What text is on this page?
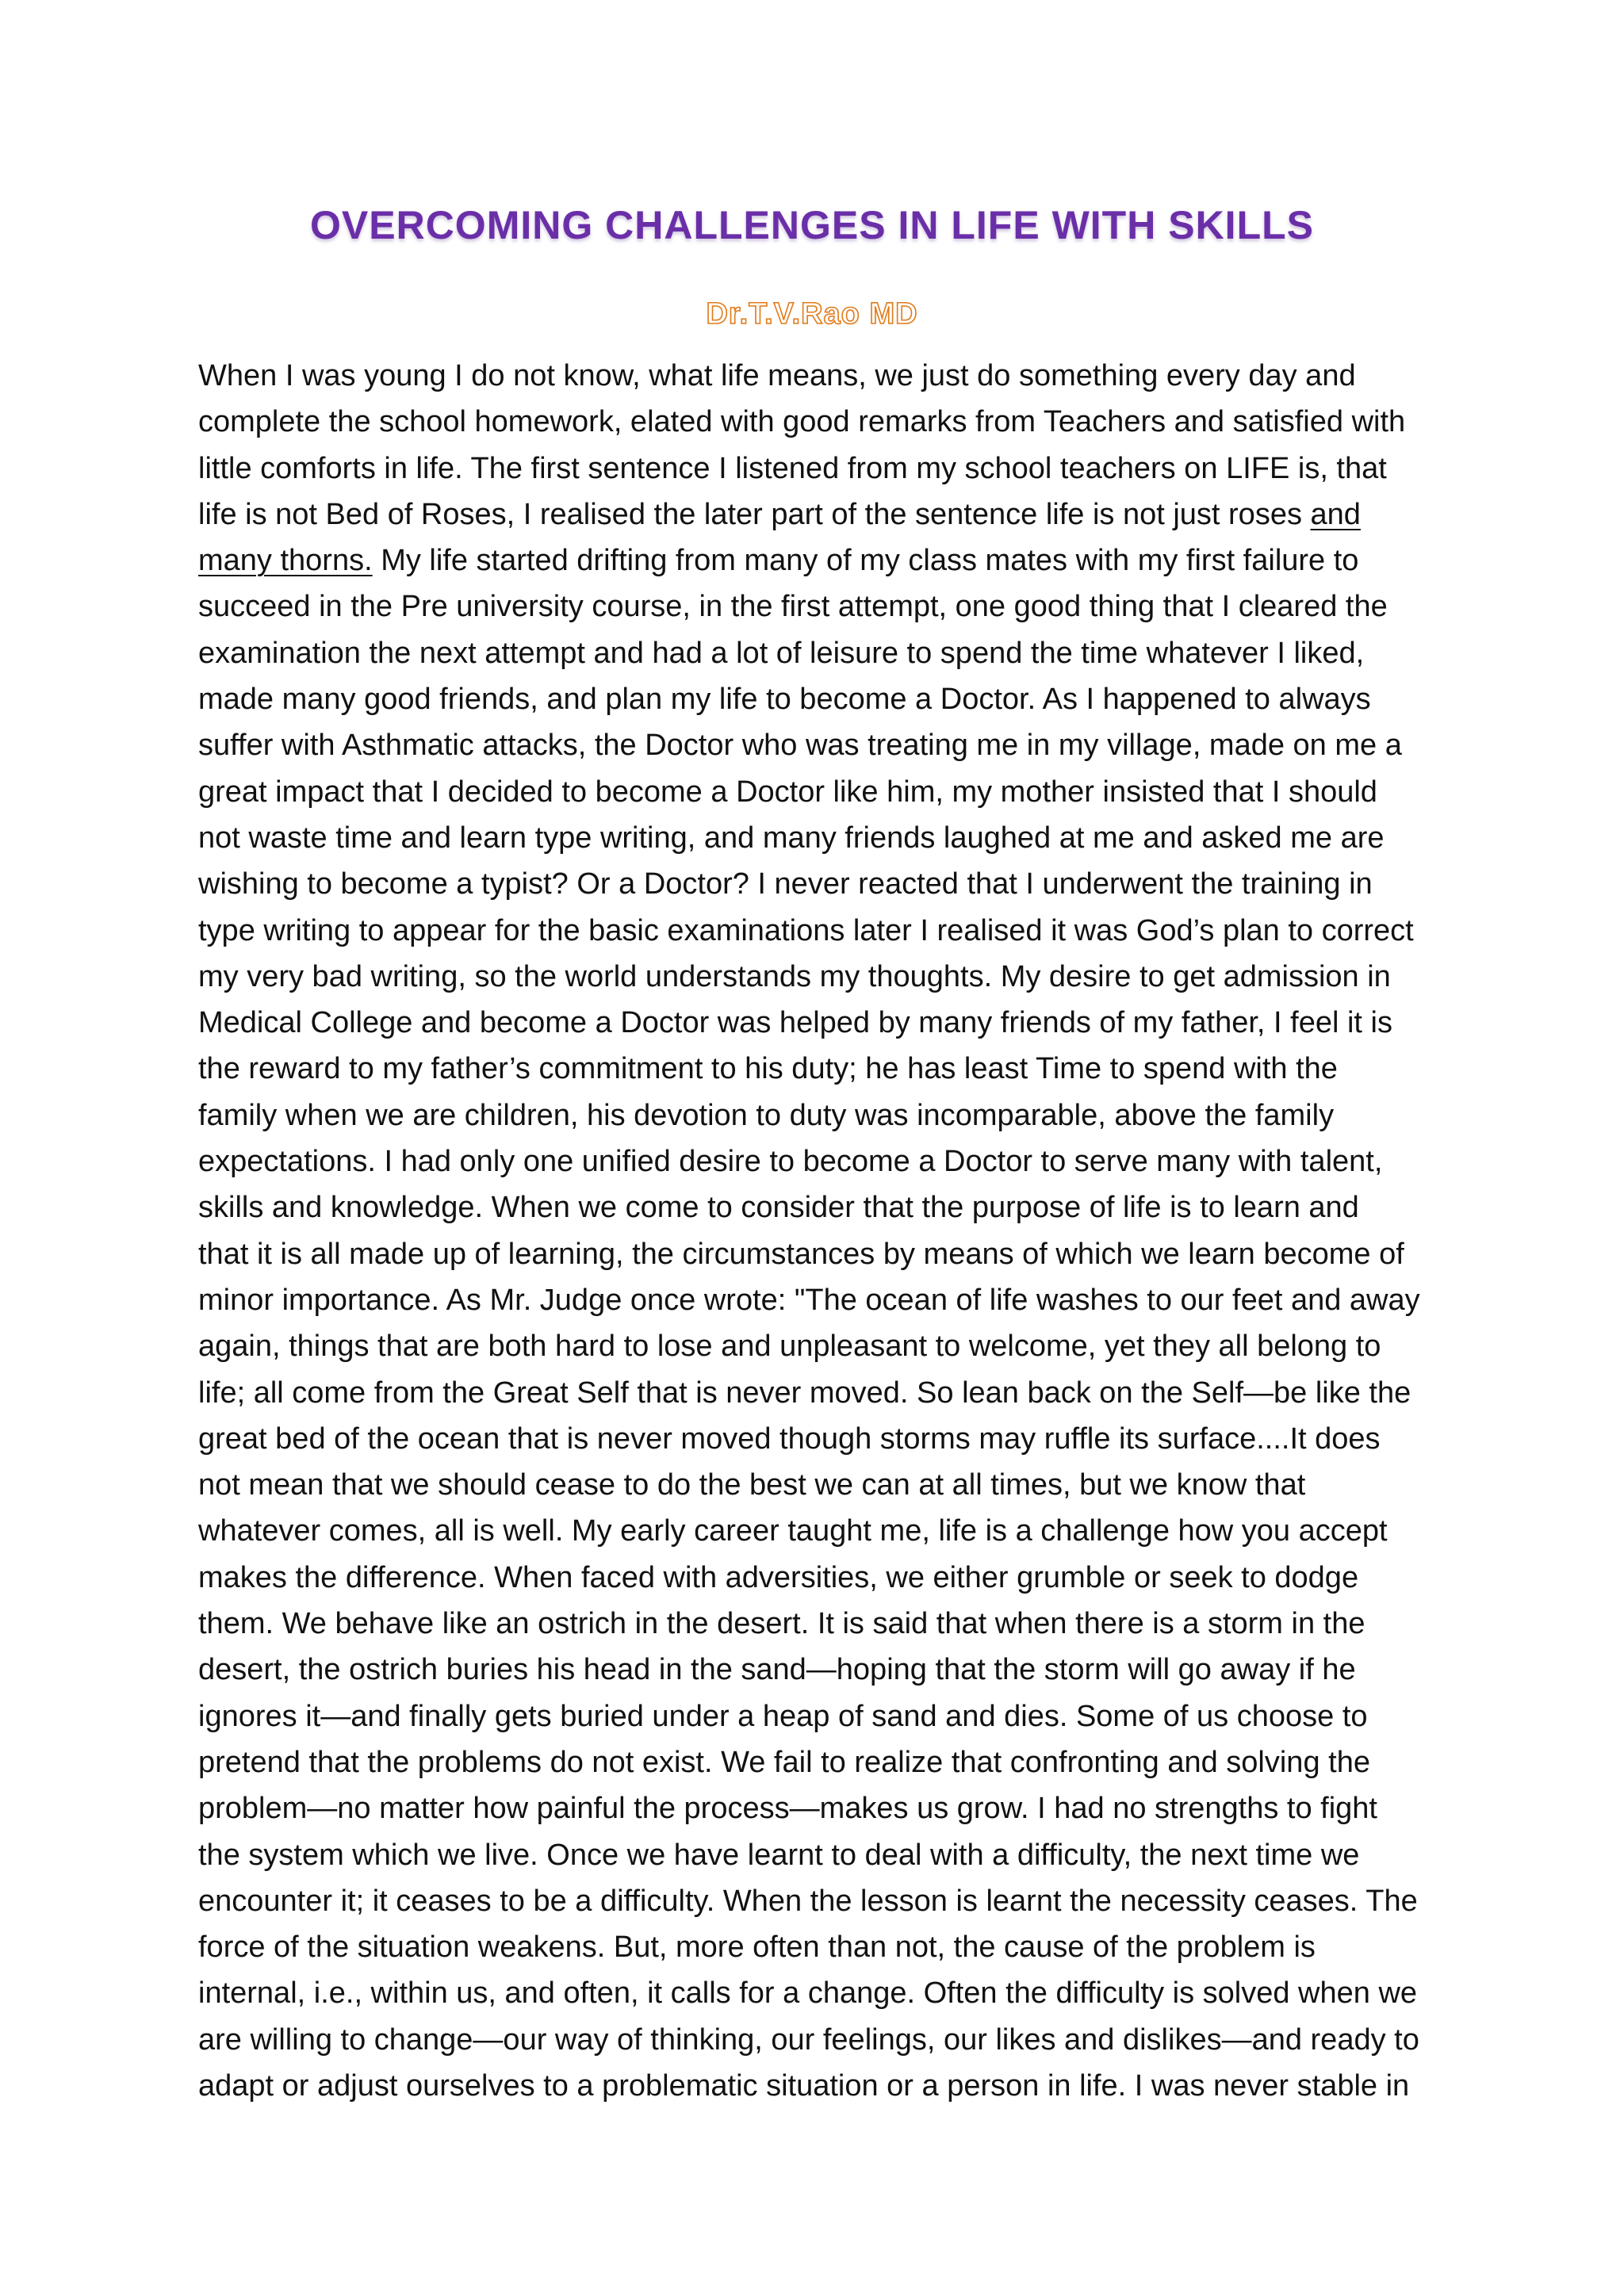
OVERCOMING CHALLENGES IN LIFE WITH SKILLS
Dr.T.V.Rao MD
When I was young I do not know, what life means, we just do something every day and
complete the school homework, elated with good remarks from Teachers and satisfied with
little comforts in life. The first sentence I listened from my school teachers on LIFE is, that
life is not Bed of Roses, I realised the later part of the sentence life is not just roses and
many thorns. My life started drifting from many of my class mates with my first failure to
succeed in the Pre university course, in the first attempt, one good thing that I cleared the
examination the next attempt and had a lot of leisure to spend the time whatever I liked,
made many good friends, and plan my life to become a Doctor. As I happened to always
suffer with Asthmatic attacks, the Doctor who was treating me in my village, made on me a
great impact that I decided to become a Doctor like him, my mother insisted that I should
not waste time and learn type writing, and many friends laughed at me and asked me are
wishing to become a typist? Or a Doctor? I never reacted that I underwent the training in
type writing to appear for the basic examinations later I realised it was God’s plan to correct
my very bad writing, so the world understands my thoughts. My desire to get admission in
Medical College and become a Doctor was helped by many friends of my father, I feel it is
the reward to my father’s commitment to his duty; he has least Time to spend with the
family when we are children, his devotion to duty was incomparable, above the family
expectations. I had only one unified desire to become a Doctor to serve many with talent,
skills and knowledge. When we come to consider that the purpose of life is to learn and
that it is all made up of learning, the circumstances by means of which we learn become of
minor importance. As Mr. Judge once wrote: "The ocean of life washes to our feet and away
again, things that are both hard to lose and unpleasant to welcome, yet they all belong to
life; all come from the Great Self that is never moved. So lean back on the Self—be like the
great bed of the ocean that is never moved though storms may ruffle its surface....It does
not mean that we should cease to do the best we can at all times, but we know that
whatever comes, all is well. My early career taught me, life is a challenge how you accept
makes the difference. When faced with adversities, we either grumble or seek to dodge
them. We behave like an ostrich in the desert. It is said that when there is a storm in the
desert, the ostrich buries his head in the sand—hoping that the storm will go away if he
ignores it—and finally gets buried under a heap of sand and dies. Some of us choose to
pretend that the problems do not exist. We fail to realize that confronting and solving the
problem—no matter how painful the process—makes us grow. I had no strengths to fight
the system which we live. Once we have learnt to deal with a difficulty, the next time we
encounter it; it ceases to be a difficulty. When the lesson is learnt the necessity ceases. The
force of the situation weakens. But, more often than not, the cause of the problem is
internal, i.e., within us, and often, it calls for a change. Often the difficulty is solved when we
are willing to change—our way of thinking, our feelings, our likes and dislikes—and ready to
adapt or adjust ourselves to a problematic situation or a person in life. I was never stable in
